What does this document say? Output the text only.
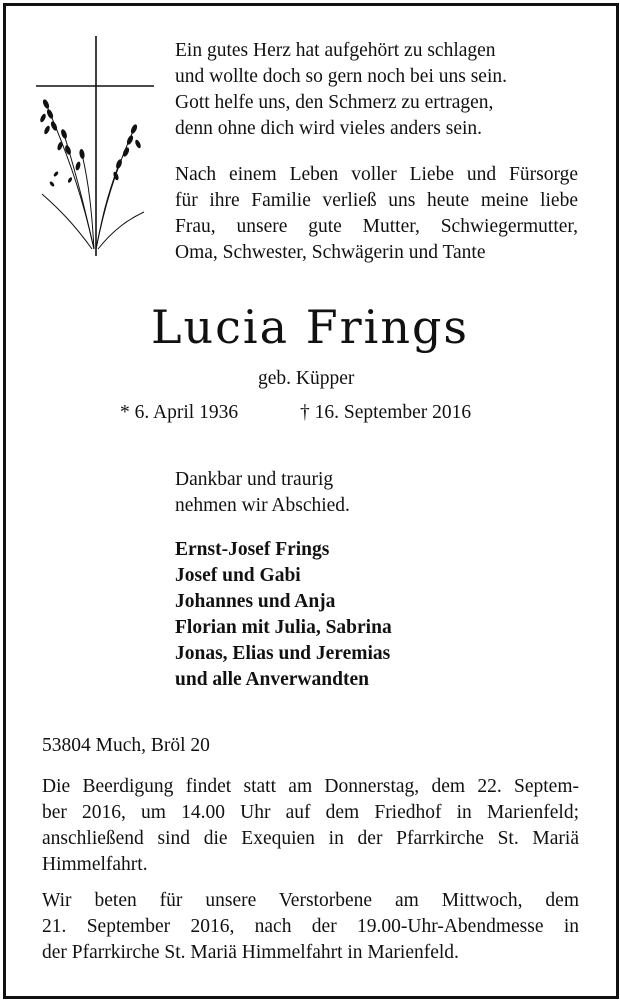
Ein gutes Herz hat aufgehört zu schlagen
und wollte doch so gern noch bei uns sein.
Gott helfe uns, den Schmerz zu ertragen,
denn ohne dich wird vieles anders sein.
Nach einem Leben voller Liebe und Fürsorge
für ihre Familie verließ uns heute meine liebe
Frau, unsere gute Mutter, Schwiegermutter,
Oma, Schwester, Schwägerin und Tante
Lucia Frings
geb. Küpper
* 6. April 1936	† 16. September 2016
Dankbar und traurig
nehmen wir Abschied.
Ernst-Josef Frings
Josef und Gabi
Johannes und Anja
Florian mit Julia, Sabrina
Jonas, Elias und Jeremias
und alle Anverwandten
53804 Much, Bröl 20
Die Beerdigung findet statt am Donnerstag, dem 22. Septem-
ber 2016, um 14.00 Uhr auf dem Friedhof in Marienfeld;
anschließend sind die Exequien in der Pfarrkirche St. Mariä
Himmelfahrt.
Wir beten für unsere Verstorbene am Mittwoch, dem
21. September 2016, nach der 19.00-Uhr-Abendmesse in
der Pfarrkirche St. Mariä Himmelfahrt in Marienfeld.
